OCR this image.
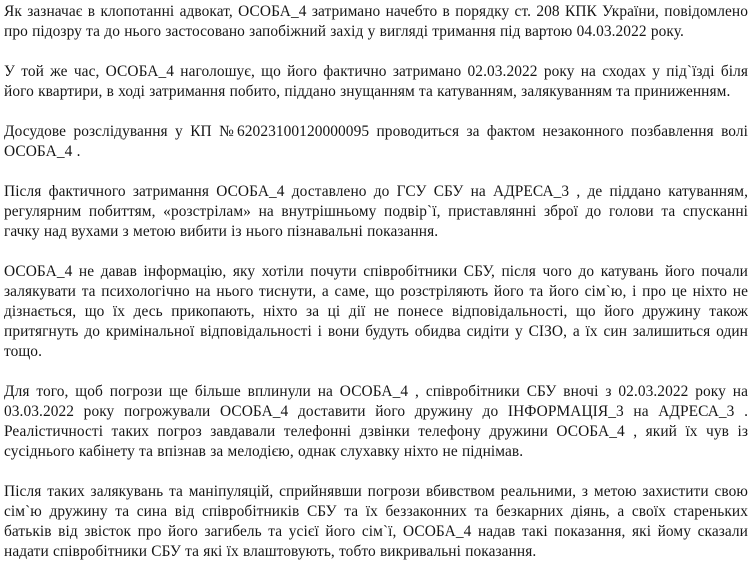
Як зазначає в клопотанні адвокат, ОСОБА_4 затримано начебто в порядку ст. 208 КПК України, повідомлено про підозру та до нього застосовано запобіжний захід у вигляді тримання під вартою 04.03.2022 року.

У той же час, ОСОБА_4 наголошує, що його фактично затримано 02.03.2022 року на сходах у під`їзді біля його квартири, в ході затримання побито, піддано знущанням та катуванням, залякуванням та приниженням.

Досудове розслідування у КП №62023100120000095 проводиться за фактом незаконного позбавлення волі ОСОБА_4 .

Після фактичного затримання ОСОБА_4 доставлено до ГСУ СБУ на АДРЕСА_3 , де піддано катуванням, регулярним побиттям, «розстрілам» на внутрішньому подвір`ї, приставлянні зброї до голови та спусканні гачку над вухами з метою вибити із нього пізнавальні показання.

ОСОБА_4 не давав інформацію, яку хотіли почути співробітники СБУ, після чого до катувань його почали залякувати та психологічно на нього тиснути, а саме, що розстріляють його та його сім`ю, і про це ніхто не дізнається, що їх десь прикопають, ніхто за ці дії не понесе відповідальності, що його дружину також притягнуть до кримінальної відповідальності і вони будуть обидва сидіти у СІЗО, а їх син залишиться один тощо.

Для того, щоб погрози ще більше вплинули на ОСОБА_4 , співробітники СБУ вночі з 02.03.2022 року на 03.03.2022 року погрожували ОСОБА_4 доставити його дружину до ІНФОРМАЦІЯ_3 на АДРЕСА_3 . Реалістичності таких погроз завдавали телефонні дзвінки телефону дружини ОСОБА_4 , який їх чув із сусіднього кабінету та впізнав за мелодією, однак слухавку ніхто не піднімав.

Після таких залякувань та маніпуляцій, сприйнявши погрози вбивством реальними, з метою захистити свою сім`ю дружину та сина від співробітників СБУ та їх беззаконних та безкарних діянь, а своїх стареньких батьків від звісток про його загибель та усієї його сім`ї, ОСОБА_4 надав такі показання, які йому сказали надати співробітники СБУ та які їх влаштовують, тобто викривальні показання.
